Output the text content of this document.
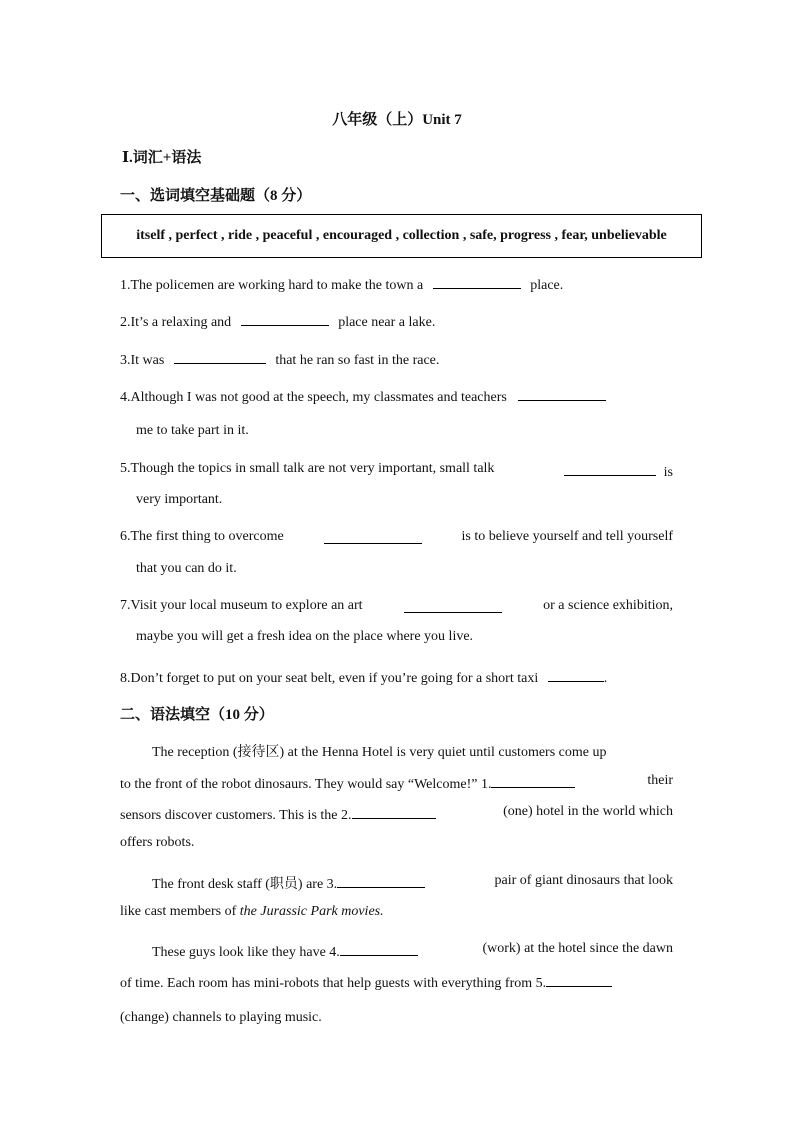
八年级（上）Unit 7
Ⅰ.词汇+语法
一、选词填空基础题（8 分）
itself , perfect , ride , peaceful , encouraged , collection , safe, progress , fear, unbelievable
1.The policemen are working hard to make the town a	place.
2.It’s a relaxing and	place near a lake.
3.It was	that he ran so fast in the race.
4.Although I was not good at the speech, my classmates and teachers
me to take part in it.
5.Though the topics in small talk are not very important, small talk	is
very important.
6.The first thing to overcome	is to believe yourself and tell yourself
that you can do it.
7.Visit your local museum to explore an art	or a science exhibition,
maybe you will get a fresh idea on the place where you live.
8.Don’t forget to put on your seat belt, even if you’re going for a short taxi	.
二、语法填空（10 分）
The reception (接待区) at the Henna Hotel is very quiet until customers come up
to the front of the robot dinosaurs. They would say “Welcome!” 1.	their
sensors discover customers. This is the 2.	(one) hotel in the world which
offers robots.
The front desk staff (职员) are 3.	pair of giant dinosaurs that look
like cast members of the Jurassic Park movies.
These guys look like they have 4.	(work) at the hotel since the dawn
of time. Each room has mini-robots that help guests with everything from 5.
(change) channels to playing music.
